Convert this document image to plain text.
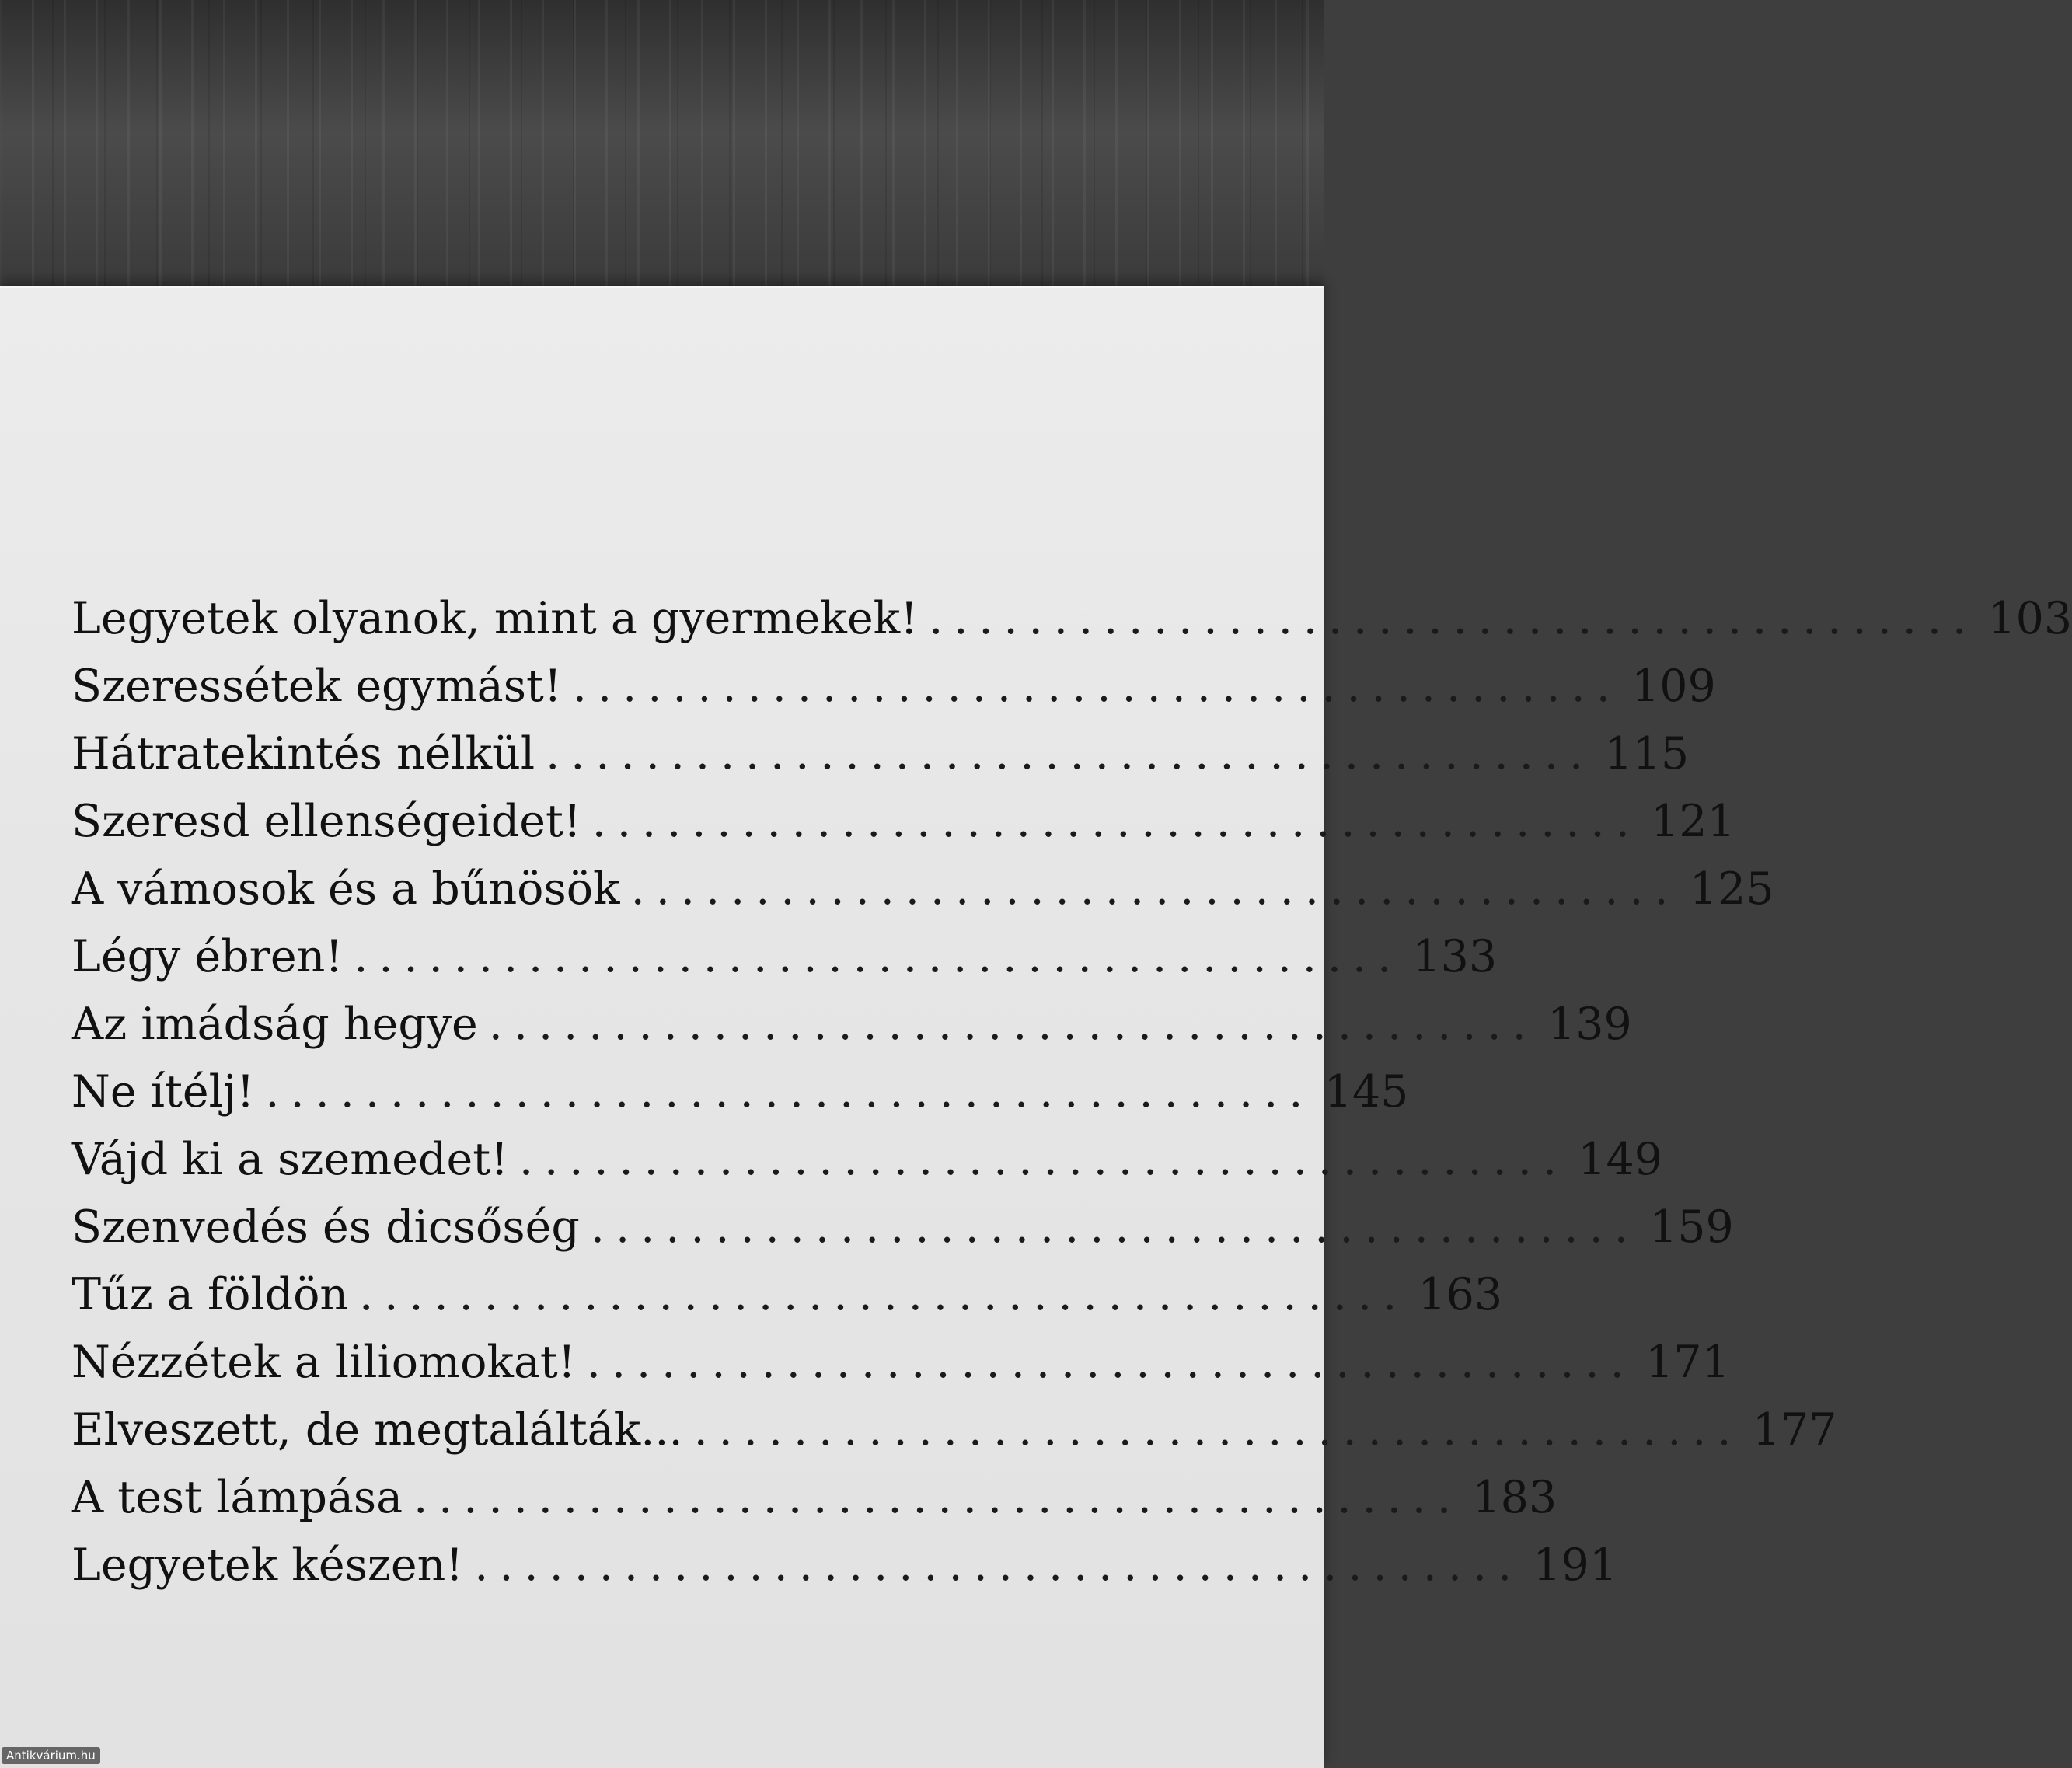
Legyetek olyanok, mint a gyermekek! .......................................... 103
Szeressétek egymást! .......................................... 109
Hátratekintés nélkül .......................................... 115
Szeresd ellenségeidet! .......................................... 121
A vámosok és a bűnösök .......................................... 125
Légy ébren! .......................................... 133
Az imádság hegye .......................................... 139
Ne ítélj! .......................................... 145
Vájd ki a szemedet! .......................................... 149
Szenvedés és dicsőség .......................................... 159
Tűz a földön .......................................... 163
Nézzétek a liliomokat! .......................................... 171
Elveszett, de megtalálták... .......................................... 177
A test lámpása .......................................... 183
Legyetek készen! .......................................... 191
Antikvárium.hu
